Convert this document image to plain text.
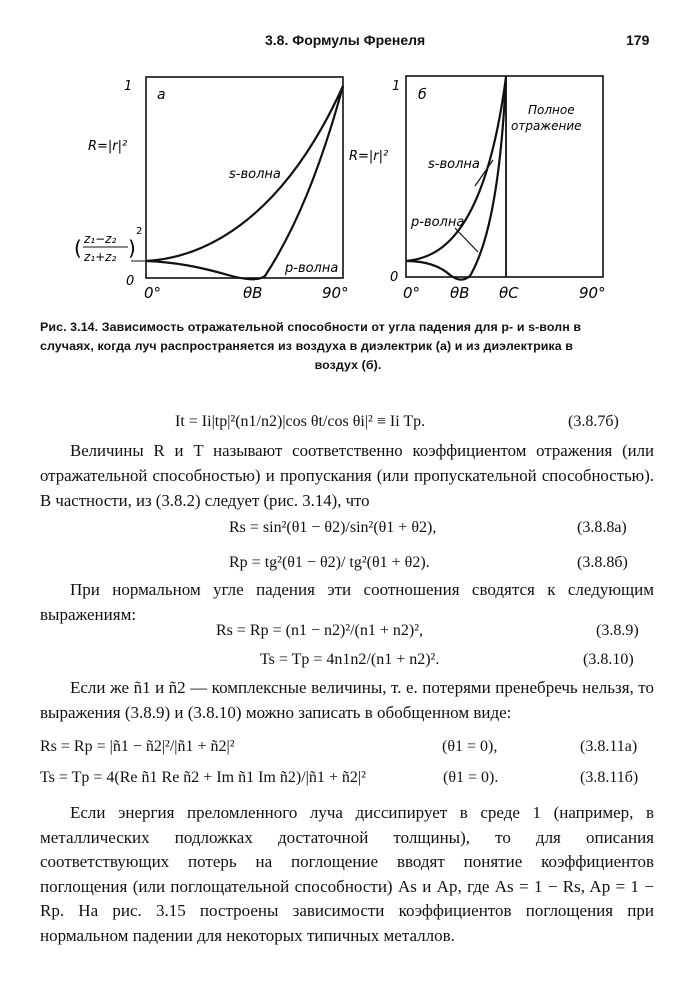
3.8. Формулы Френеля	179
а
1
0
R=|r|²
( z₁−z₂
z₁+z₂ )
2
s-волна
p-волна
0°	θB	90°
б
1
0
R=|r|²
Полное
отражение
s-волна
p-волна
0° θB θC	90°
Рис. 3.14. Зависимость отражательной способности от угла падения для p- и s-волн в
случаях, когда луч распространяется из воздуха в диэлектрик (а) и из диэлектрика в

воздух (б).
It = Ii|tp|²(n1/n2)|cos θt/cos θi|² ≡ Ii Tp.	(3.8.7б)
Величины R и T называют соответственно коэффициентом отражения (или отражательной способностью) и пропускания (или пропускательной способностью). В частности, из (3.8.2) следует (рис. 3.14), что
Rs = sin²(θ1 − θ2)/sin²(θ1 + θ2),	(3.8.8а)
Rp = tg²(θ1 − θ2)/ tg²(θ1 + θ2).	(3.8.8б)
При нормальном угле падения эти соотношения сводятся к следующим выражениям:
Rs = Rp = (n1 − n2)²/(n1 + n2)²,	(3.8.9)
Ts = Tp = 4n1n2/(n1 + n2)².	(3.8.10)
Если же ñ1 и ñ2 — комплексные величины, т. е. потерями пренебречь нельзя, то выражения (3.8.9) и (3.8.10) можно записать в обобщенном виде:
Rs = Rp = |ñ1 − ñ2|²/|ñ1 + ñ2|²	(θ1 = 0),	(3.8.11а)
Ts = Tp = 4(Re ñ1 Re ñ2 + Im ñ1 Im ñ2)/|ñ1 + ñ2|²	(θ1 = 0).	(3.8.11б)
Если энергия преломленного луча диссипирует в среде 1 (например, в металлических подложках достаточной толщины), то для описания соответствующих потерь на поглощение вводят понятие коэффициентов поглощения (или поглощательной способности) As и Ap, где As = 1 − Rs, Ap = 1 − Rp. На рис. 3.15 построены зависимости коэффициентов поглощения при нормальном падении для некоторых типичных металлов.
